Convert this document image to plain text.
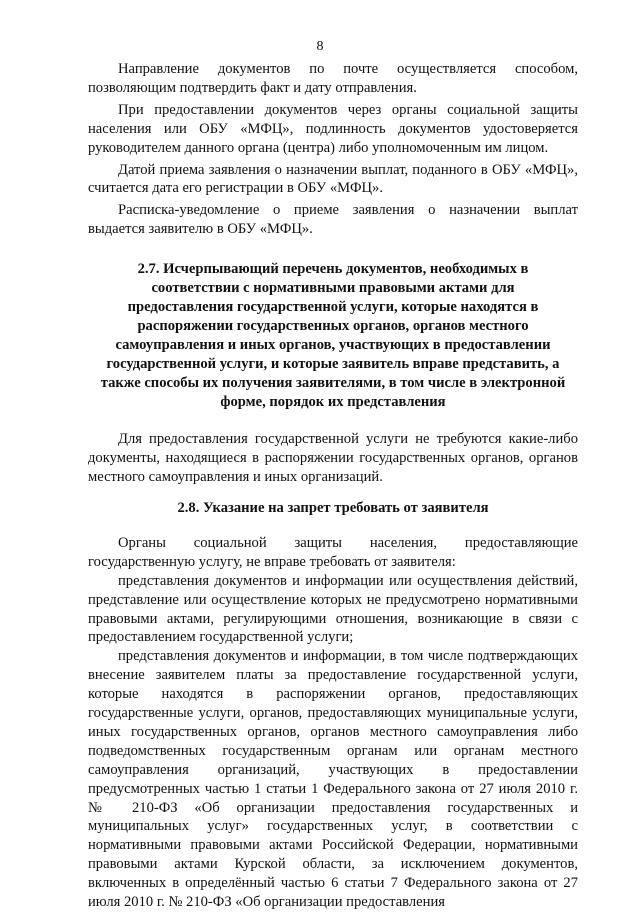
8

Направление документов по почте осуществляется способом, позволяющим подтвердить факт и дату отправления.

При предоставлении документов через органы социальной защиты населения или ОБУ «МФЦ», подлинность документов удостоверяется руководителем данного органа (центра) либо уполномоченным им лицом.

Датой приема заявления о назначении выплат, поданного в ОБУ «МФЦ», считается дата его регистрации в ОБУ «МФЦ».

Расписка-уведомление о приеме заявления о назначении выплат выдается заявителю в ОБУ «МФЦ».

2.7. Исчерпывающий перечень документов, необходимых в соответствии с нормативными правовыми актами для предоставления государственной услуги, которые находятся в распоряжении государственных органов, органов местного самоуправления и иных органов, участвующих в предоставлении государственной услуги, и которые заявитель вправе представить, а также способы их получения заявителями, в том числе в электронной форме, порядок их представления

Для предоставления государственной услуги не требуются какие-либо документы, находящиеся в распоряжении государственных органов, органов местного самоуправления и иных организаций.

2.8. Указание на запрет требовать от заявителя

Органы социальной защиты населения, предоставляющие государственную услугу, не вправе требовать от заявителя:

представления документов и информации или осуществления действий, представление или осуществление которых не предусмотрено нормативными правовыми актами, регулирующими отношения, возникающие в связи с предоставлением государственной услуги;

представления документов и информации, в том числе подтверждающих внесение заявителем платы за предоставление государственной услуги, которые находятся в распоряжении органов, предоставляющих государственные услуги, органов, предоставляющих муниципальные услуги, иных государственных органов, органов местного самоуправления либо подведомственных государственным органам или органам местного самоуправления организаций, участвующих в предоставлении предусмотренных частью 1 статьи 1 Федерального закона от 27 июля 2010 г. № 210-ФЗ «Об организации предоставления государственных и муниципальных услуг» государственных услуг, в соответствии с нормативными правовыми актами Российской Федерации, нормативными правовыми актами Курской области, за исключением документов, включенных в определённый частью 6 статьи 7 Федерального закона от 27 июля 2010 г. № 210-ФЗ «Об организации предоставления
